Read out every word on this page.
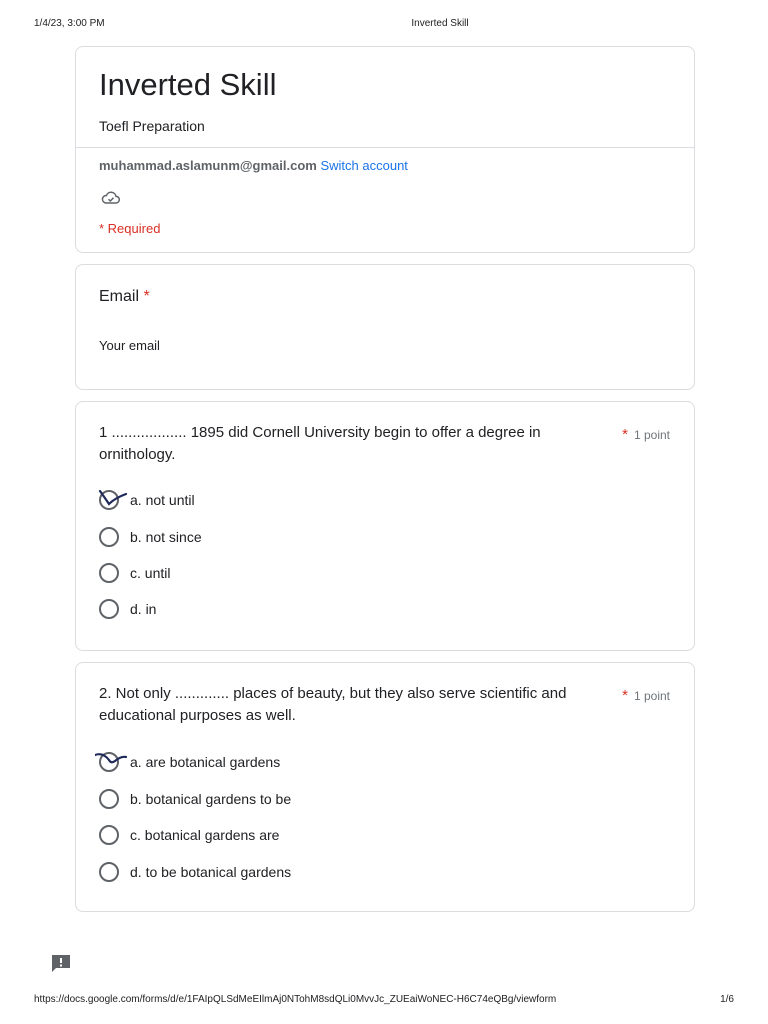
1/4/23, 3:00 PM	Inverted Skill
Inverted Skill
Toefl Preparation
muhammad.aslamunm@gmail.com Switch account
* Required
Email *
Your email
1 .................. 1895 did Cornell University begin to offer a degree in ornithology.
* 1 point
a. not until
b. not since
c. until
d. in
2. Not only ............. places of beauty, but they also serve scientific and educational purposes as well.
* 1 point
a. are botanical gardens
b. botanical gardens to be
c. botanical gardens are
d. to be botanical gardens
https://docs.google.com/forms/d/e/1FAIpQLSdMeEIlmAj0NTohM8sdQLi0MvvJc_ZUEaiWoNEC-H6C74eQBg/viewform	1/6
